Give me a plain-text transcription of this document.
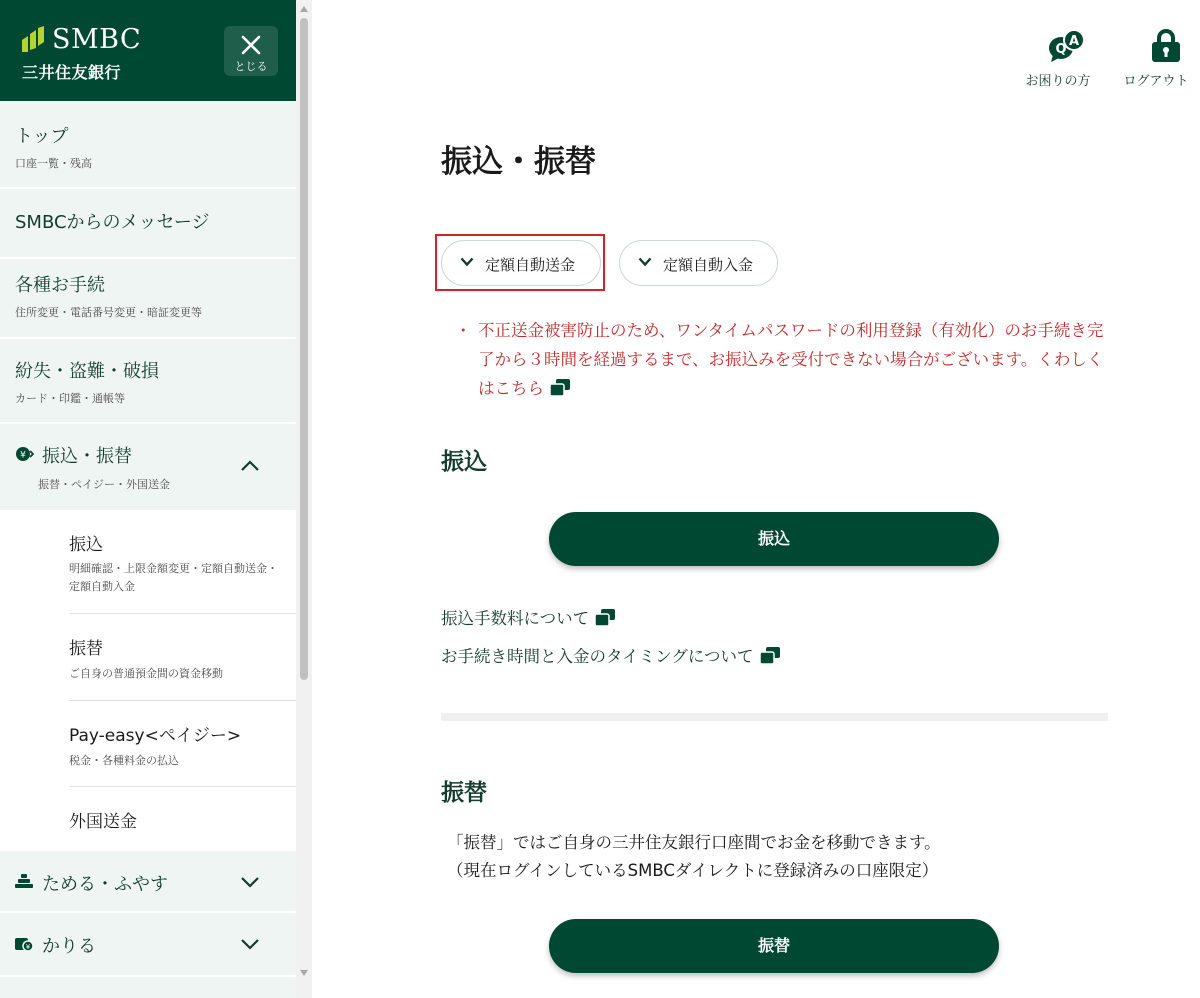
SMBC
三井住友銀行	とじる
トップ
口座一覧・残高
SMBCからのメッセージ
各種お手続
住所変更・電話番号変更・暗証変更等
紛失・盗難・破損
カード・印鑑・通帳等
¥ 振込・振替
振替・ペイジー・外国送金
振込
明細確認・上限金額変更・定額自動送金・定額自動入金
振替
ご自身の普通預金間の資金移動
Pay-easy<ペイジー>
税金・各種料金の払込
外国送金
ためる・ふやす
¥ かりる
Q
A
お困りの方	ログアウト
振込・振替
定額自動送金	定額自動入金
・ 不正送金被害防止のため、ワンタイムパスワードの利用登録（有効化）のお手続き完了から３時間を経過するまで、お振込みを受付できない場合がございます。くわしくはこちら
振込
振込
振込手数料について
お手続き時間と入金のタイミングについて
振替
「振替」ではご自身の三井住友銀行口座間でお金を移動できます。
（現在ログインしているSMBCダイレクトに登録済みの口座限定）
振替
